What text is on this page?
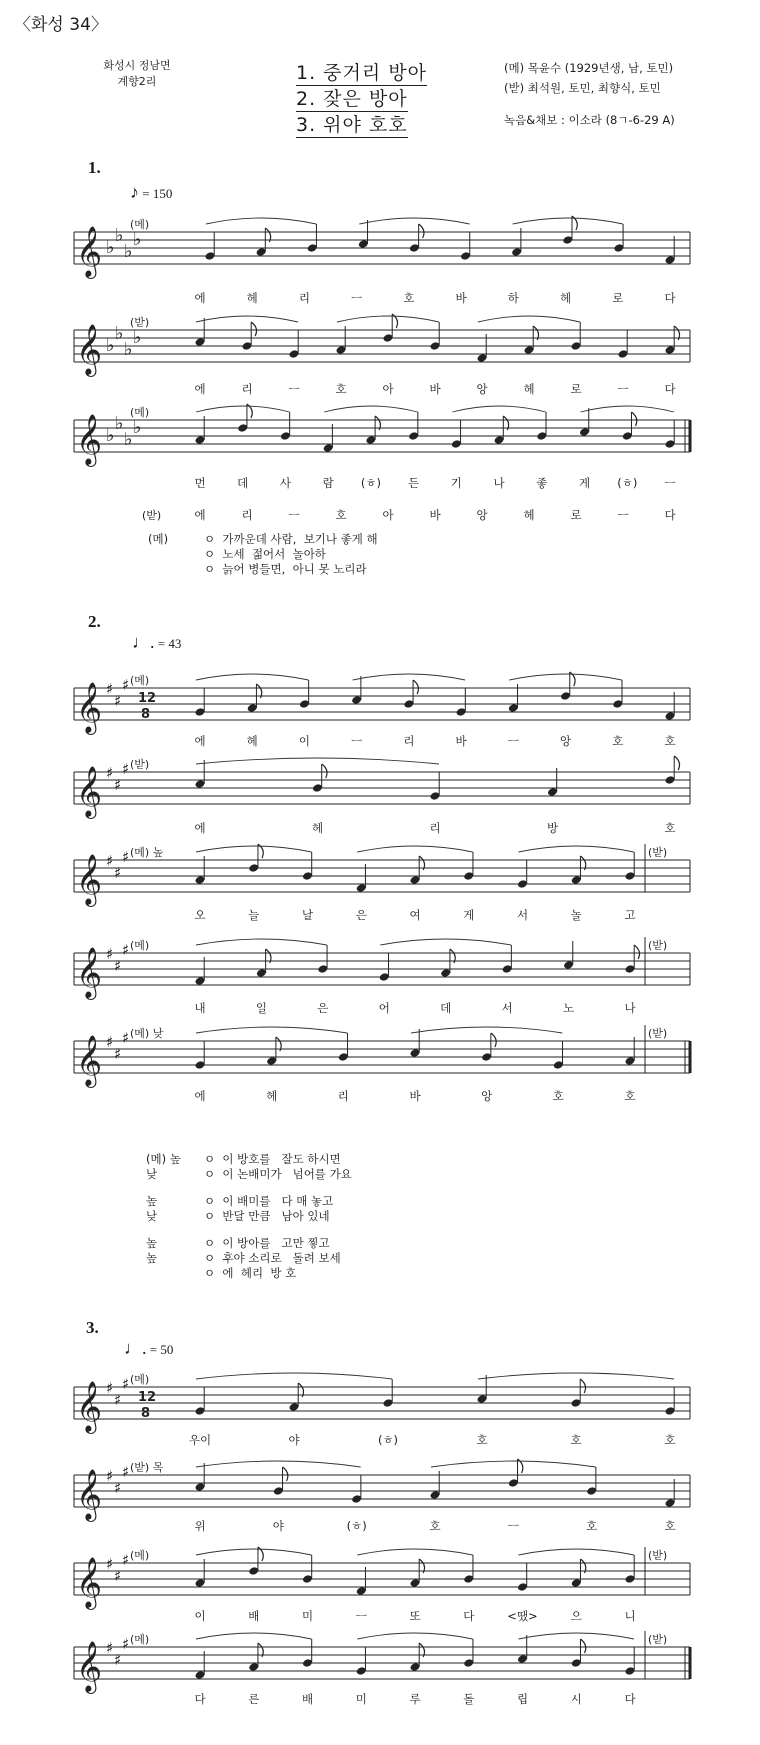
〈화성 34〉
화성시 정남면
계향2리	1. 중거리 방아
2. 잦은 방아
3. 위야 호호
(메) 목윤수 (1929년생, 남, 토민)
(받) 최석원, 토민, 최향식, 토민
녹음&채보 : 이소라 (8ㄱ-6-29 A)
1.
♪ = 150
2.
♩. = 43
3.
♩. = 50
𝄞 ♭
♭
♭
♭
(메)
에	헤	리	ㅡ	호	바	하	헤	로	다
𝄞 ♭
♭
♭
♭
(받)
에	리	ㅡ	호	아	바	앙	헤	로	ㅡ	다
𝄞 ♭
♭
♭
♭
(메)
먼	데	사	람 (ㅎ) 든	기	나	좋	게 (ㅎ) ㅡ
(받)	에	리	ㅡ	호	아	바	앙	헤	로	ㅡ	다
𝄞 ♯
♯
♯ (메)
12
8
에	헤	이	ㅡ	리	바	ㅡ	앙	호	호
𝄞 ♯
♯
♯ (받)
에	헤	리	방	호
𝄞 ♯
♯
♯ (메) 높	(받)
오	늘	날	은	여	게	서	놀	고
𝄞 ♯
♯
♯ (메)	(받)
내	일	은	어	데	서	노	나
𝄞 ♯
♯
♯ (메) 낮	(받)
에	헤	리	바	앙	호	호
𝄞 ♯
♯
♯ (메)
12
8
우이	야	(ㅎ)	호	호	호
𝄞 ♯
♯
♯ (받) 목
위	야	(ㅎ)	호	ㅡ	호	호
𝄞 ♯
♯
♯ (메)	(받)
이	배	미	ㅡ	또	다	<땠>	으	니
𝄞 ♯
♯
♯ (메)	(받)
다	른	배	미	루	돌	립	시	다
(메)	ㅇ  가까운데 사람,  보기나 좋게 해
ㅇ  노세  젊어서  놀아하
ㅇ  늙어 병들면,  아니 못 노리라
(메) 높 ㅇ  이 방호를   잘도 하시면
낮	ㅇ  이 논배미가   넘어를 가요
높	ㅇ  이 배미를   다 매 놓고
낮	ㅇ  반달 만큼   남아 있네
높	ㅇ  이 방아를   고만 찧고
높	ㅇ  후야 소리로   돌려 보세
ㅇ  에  헤리  방 호
